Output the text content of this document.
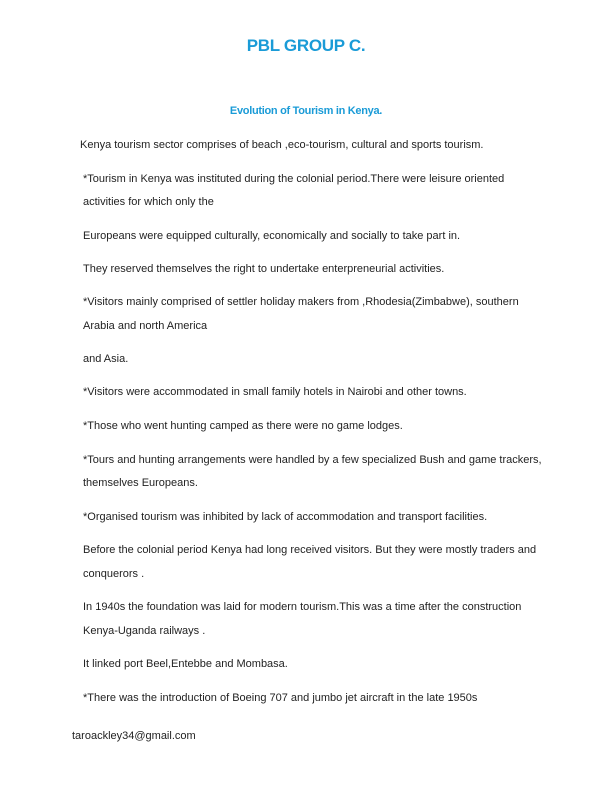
PBL GROUP C.
Evolution of Tourism in Kenya.

Kenya tourism sector comprises of beach ,eco-tourism, cultural and sports tourism.

*Tourism in Kenya was instituted during the colonial period.There were leisure oriented

activities for which only the

Europeans were equipped culturally, economically and socially to take part in.

They reserved themselves the right to undertake enterpreneurial activities.

*Visitors mainly comprised of settler holiday makers from ,Rhodesia(Zimbabwe), southern

Arabia and north America

and Asia.

*Visitors were accommodated in small family hotels in Nairobi and other towns.

*Those who went hunting camped as there were no game lodges.

*Tours and hunting arrangements were handled by a few specialized Bush and game trackers,

themselves Europeans.

*Organised tourism was inhibited by lack of accommodation and transport facilities.

Before the colonial period Kenya had long received visitors. But they were mostly traders and

conquerors .

In 1940s the foundation was laid for modern tourism.This was a time after the construction

Kenya-Uganda railways .

It linked port Beel,Entebbe and Mombasa.

*There was the introduction of Boeing 707 and jumbo jet aircraft in the late 1950s

taroackley34@gmail.com
